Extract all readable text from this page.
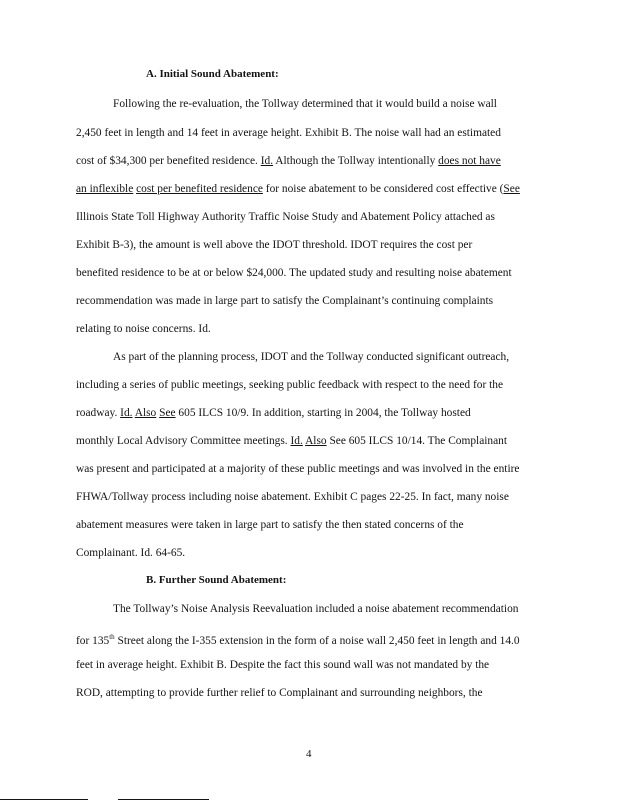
A. Initial Sound Abatement:
Following the re-evaluation, the Tollway determined that it would build a noise wall
2,450 feet in length and 14 feet in average height. Exhibit B. The noise wall had an estimated
cost of $34,300 per benefited residence. Id. Although the Tollway intentionally does not have
an inflexible cost per benefited residence for noise abatement to be considered cost effective (See
Illinois State Toll Highway Authority Traffic Noise Study and Abatement Policy attached as
Exhibit B-3), the amount is well above the IDOT threshold. IDOT requires the cost per
benefited residence to be at or below $24,000. The updated study and resulting noise abatement
recommendation was made in large part to satisfy the Complainant’s continuing complaints
relating to noise concerns. Id.
As part of the planning process, IDOT and the Tollway conducted significant outreach,
including a series of public meetings, seeking public feedback with respect to the need for the
roadway. Id. Also See 605 ILCS 10/9. In addition, starting in 2004, the Tollway hosted
monthly Local Advisory Committee meetings. Id. Also See 605 ILCS 10/14. The Complainant
was present and participated at a majority of these public meetings and was involved in the entire
FHWA/Tollway process including noise abatement. Exhibit C pages 22-25. In fact, many noise
abatement measures were taken in large part to satisfy the then stated concerns of the
Complainant. Id. 64-65.
B. Further Sound Abatement:
The Tollway’s Noise Analysis Reevaluation included a noise abatement recommendation
for 135th Street along the I-355 extension in the form of a noise wall 2,450 feet in length and 14.0
feet in average height. Exhibit B. Despite the fact this sound wall was not mandated by the
ROD, attempting to provide further relief to Complainant and surrounding neighbors, the
4
